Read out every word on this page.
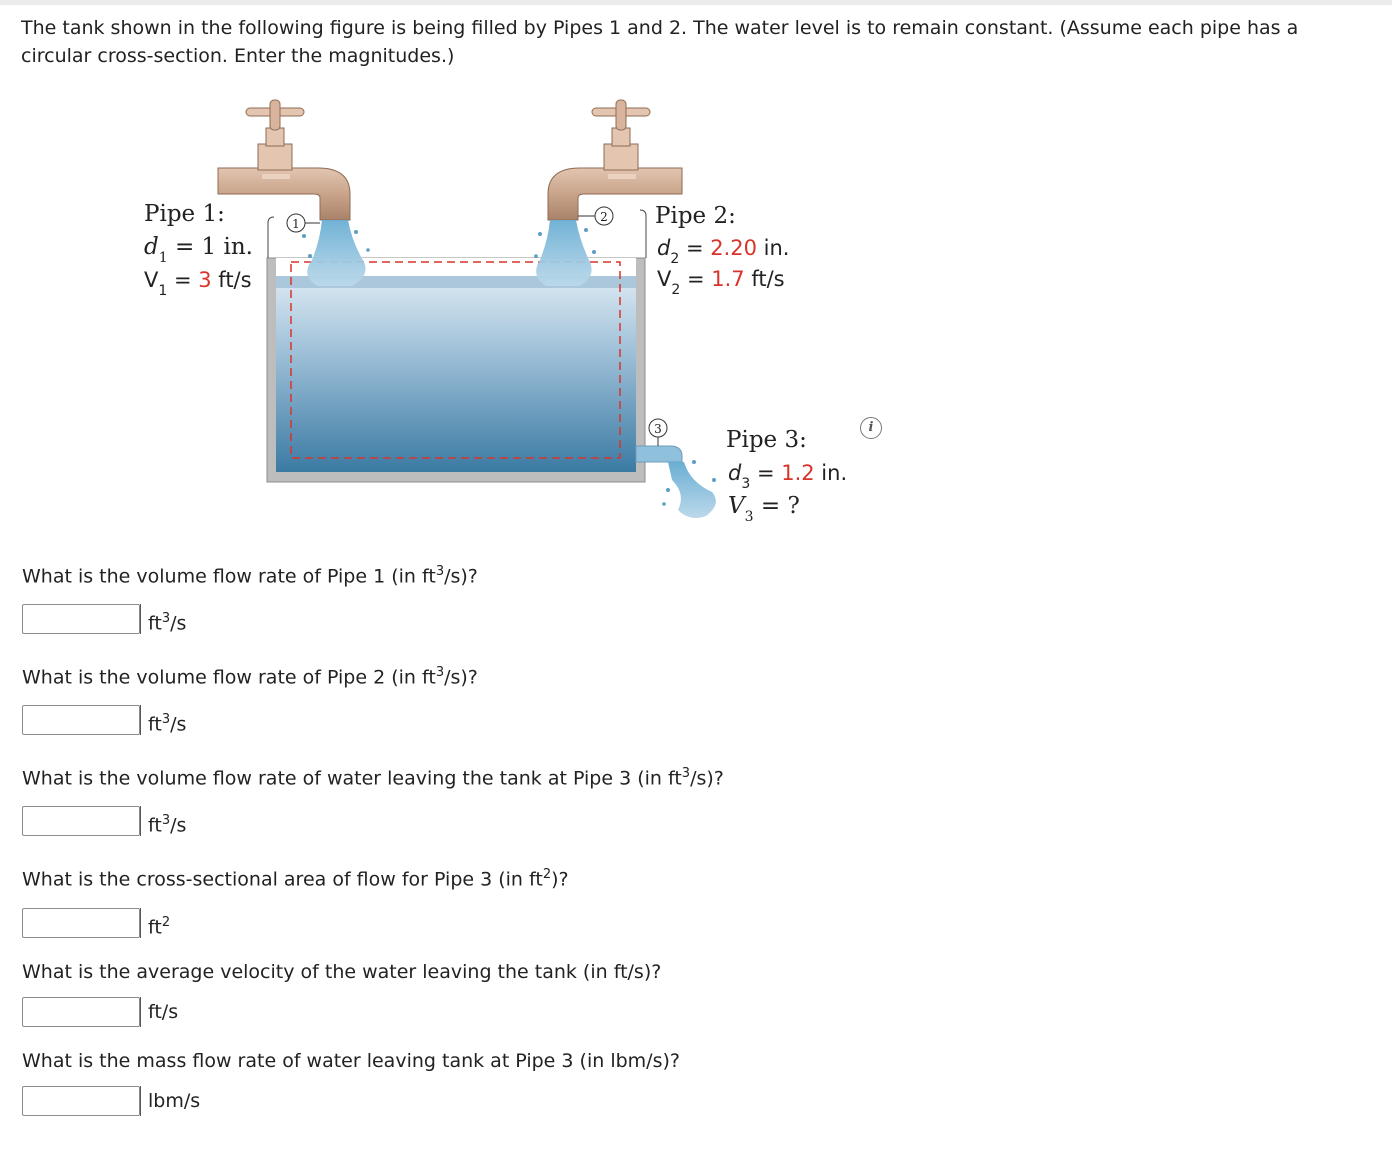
The tank shown in the following figure is being filled by Pipes 1 and 2. The water level is to remain constant. (Assume each pipe has a circular cross-section. Enter the magnitudes.)

1	2
3
Pipe 1:
$d_1 = 1$ in.
$V_1 = 3$ ft/s
Pipe 2:
$d_2 = 2.20$ in.
$V_2 = 1.7$ ft/s
Pipe 3:
$d_3 = 1.2$ in.
$V_3$ = ?
i
What is the volume flow rate of Pipe 1 (in $ft^3/s$)?
$ft^3/s$
What is the volume flow rate of Pipe 2 (in $ft^3/s$)?
$ft^3/s$
What is the volume flow rate of water leaving the tank at Pipe 3 (in $ft^3/s$)?
$ft^3/s$
What is the cross-sectional area of flow for Pipe 3 (in $ft^2$)?
$ft^2$
What is the average velocity of the water leaving the tank (in ft/s)?
ft/s
What is the mass flow rate of water leaving tank at Pipe 3 (in lbm/s)?
lbm/s
